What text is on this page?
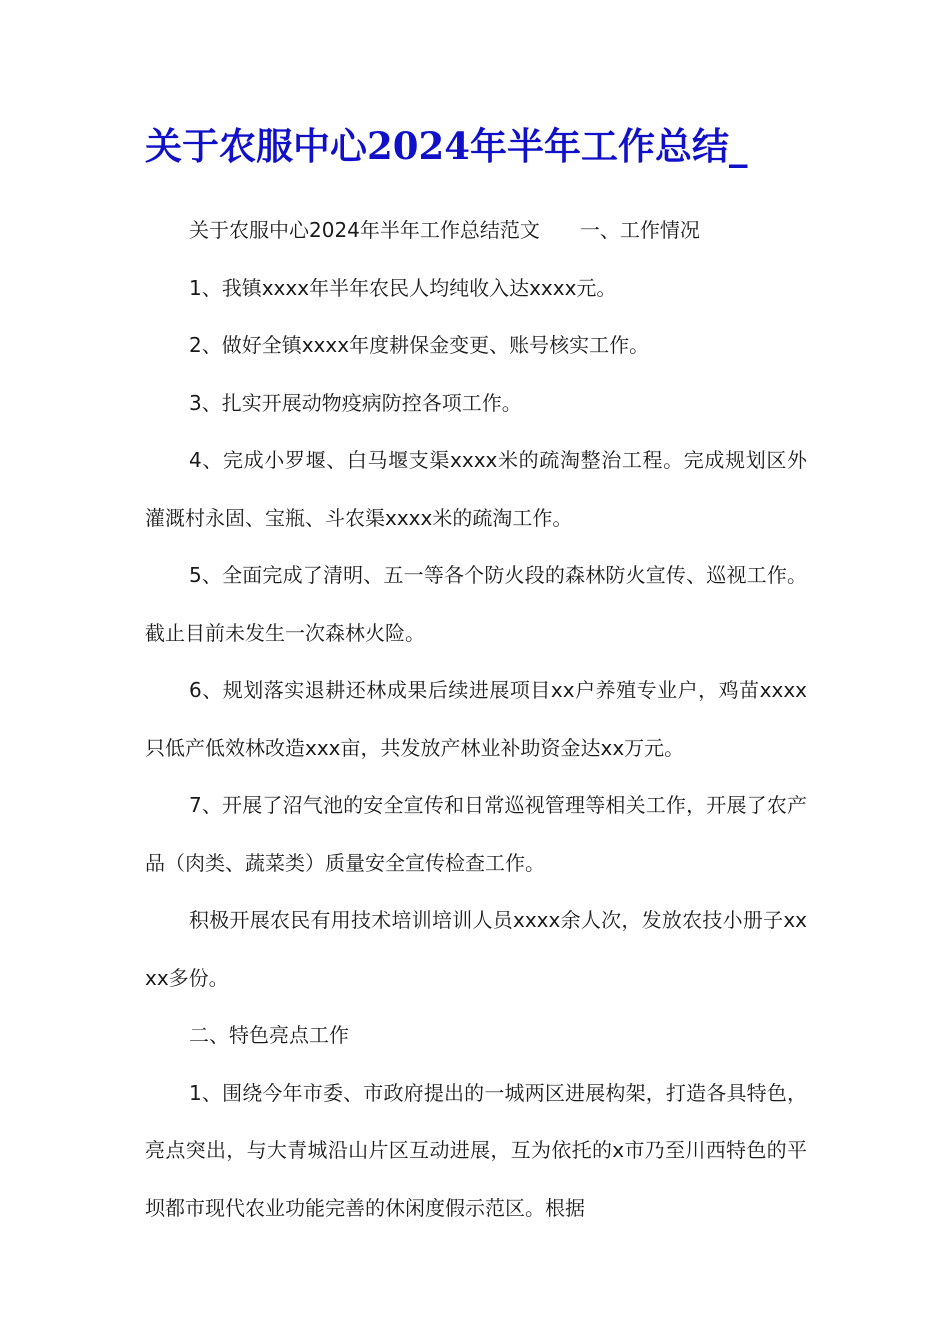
关于农服中心2024年半年工作总结_

关于农服中心2024年半年工作总结范文 一、工作情况

1、我镇xxxx年半年农民人均纯收入达xxxx元。

2、做好全镇xxxx年度耕保金变更、账号核实工作。

3、扎实开展动物疫病防控各项工作。

4、完成小罗堰、白马堰支渠xxxx米的疏淘整治工程。完成规划区外灌溉村永固、宝瓶、斗农渠xxxx米的疏淘工作。

5、全面完成了清明、五一等各个防火段的森林防火宣传、巡视工作。截止目前未发生一次森林火险。

6、规划落实退耕还林成果后续进展项目xx户养殖专业户，鸡苗xxxx只低产低效林改造xxx亩，共发放产林业补助资金达xx万元。

7、开展了沼气池的安全宣传和日常巡视管理等相关工作，开展了农产品（肉类、蔬菜类）质量安全宣传检查工作。

积极开展农民有用技术培训培训人员xxxx余人次，发放农技小册子xxxx多份。

二、特色亮点工作

1、围绕今年市委、市政府提出的一城两区进展构架，打造各具特色，亮点突出，与大青城沿山片区互动进展，互为依托的x市乃至川西特色的平坝都市现代农业功能完善的休闲度假示范区。根据
